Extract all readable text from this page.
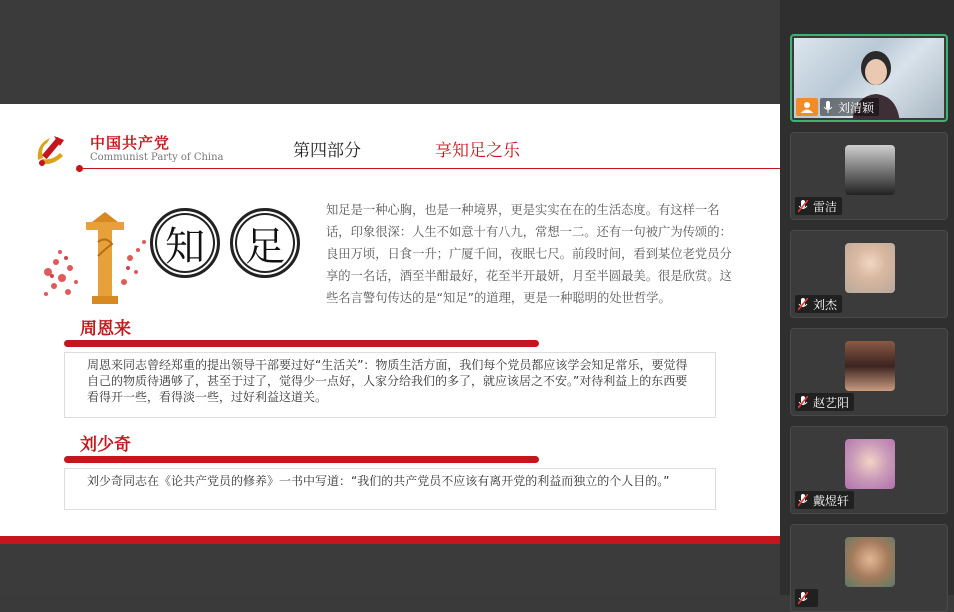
中国共产党
Communist Party of China	第四部分	享知足之乐
知	足
知足是一种心胸，也是一种境界，更是实实在在的生活态度。有这样一名话，印象很深：人生不如意十有八九，常想一二。还有一句被广为传颂的：良田万顷，日食一升；广厦千间，夜眠七尺。前段时间，看到某位老党员分享的一名话，酒至半酣最好，花至半开最妍，月至半圆最美。很是欣赏。这些名言警句传达的是“知足”的道理，更是一种聪明的处世哲学。
周恩来
周恩来同志曾经郑重的提出领导干部要过好“生活关”：物质生活方面，我们每个党员都应该学会知足常乐，要觉得自己的物质待遇够了，甚至于过了，觉得少一点好，人家分给我们的多了，就应该居之不安。”对待利益上的东西要看得开一些，看得淡一些，过好利益这道关。
刘少奇
刘少奇同志在《论共产党员的修养》一书中写道：“我们的共产党员不应该有离开党的利益而独立的个人目的。”
刘清颖
雷洁
刘杰
赵艺阳
戴煜轩
